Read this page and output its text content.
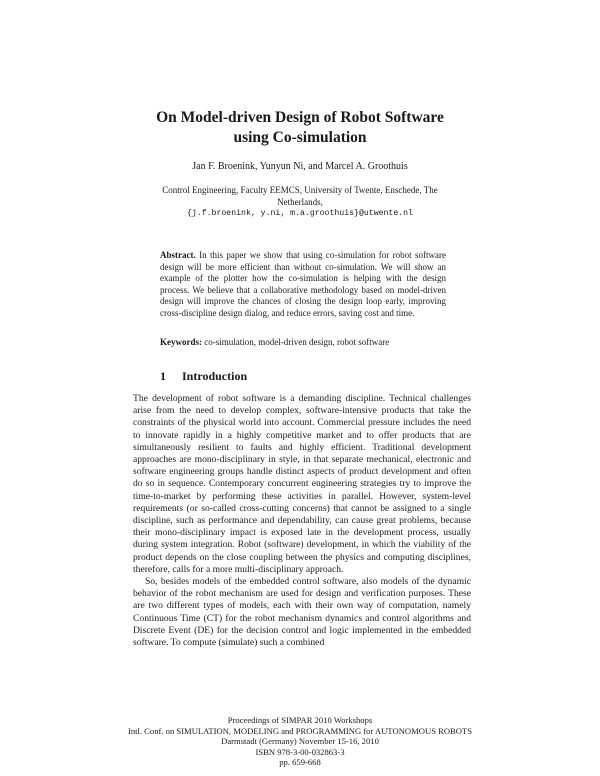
On Model-driven Design of Robot Software
using Co-simulation
Jan F. Broenink, Yunyun Ni, and Marcel A. Groothuis
Control Engineering, Faculty EEMCS, University of Twente, Enschede, The
Netherlands,
{j.f.broenink, y.ni, m.a.groothuis}@utwente.nl
Abstract. In this paper we show that using co-simulation for robot software design will be more efficient than without co-simulation. We will show an example of the plotter how the co-simulation is helping with the design process. We believe that a collaborative methodology based on model-driven design will improve the chances of closing the design loop early, improving cross-discipline design dialog, and reduce errors, saving cost and time.
Keywords: co-simulation, model-driven design, robot software
1 Introduction

The development of robot software is a demanding discipline. Technical challenges arise from the need to develop complex, software-intensive products that take the constraints of the physical world into account. Commercial pressure includes the need to innovate rapidly in a highly competitive market and to offer products that are simultaneously resilient to faults and highly efficient. Traditional development approaches are mono-disciplinary in style, in that separate mechanical, electronic and software engineering groups handle distinct aspects of product development and often do so in sequence. Contemporary concurrent engineering strategies try to improve the time-to-market by performing these activities in parallel. However, system-level requirements (or so-called cross-cutting concerns) that cannot be assigned to a single discipline, such as performance and dependability, can cause great problems, because their mono-disciplinary impact is exposed late in the development process, usually during system integration. Robot (software) development, in which the viability of the product depends on the close coupling between the physics and computing disciplines, therefore, calls for a more multi-disciplinary approach.

So, besides models of the embedded control software, also models of the dynamic behavior of the robot mechanism are used for design and verification purposes. These are two different types of models, each with their own way of computation, namely Continuous Time (CT) for the robot mechanism dynamics and control algorithms and Discrete Event (DE) for the decision control and logic implemented in the embedded software. To compute (simulate) such a combined

Proceedings of SIMPAR 2010 Workshops
Intl. Conf. on SIMULATION, MODELING and PROGRAMMING for AUTONOMOUS ROBOTS
Darmstadt (Germany) November 15-16, 2010
ISBN 978-3-00-032863-3
pp. 659-668
